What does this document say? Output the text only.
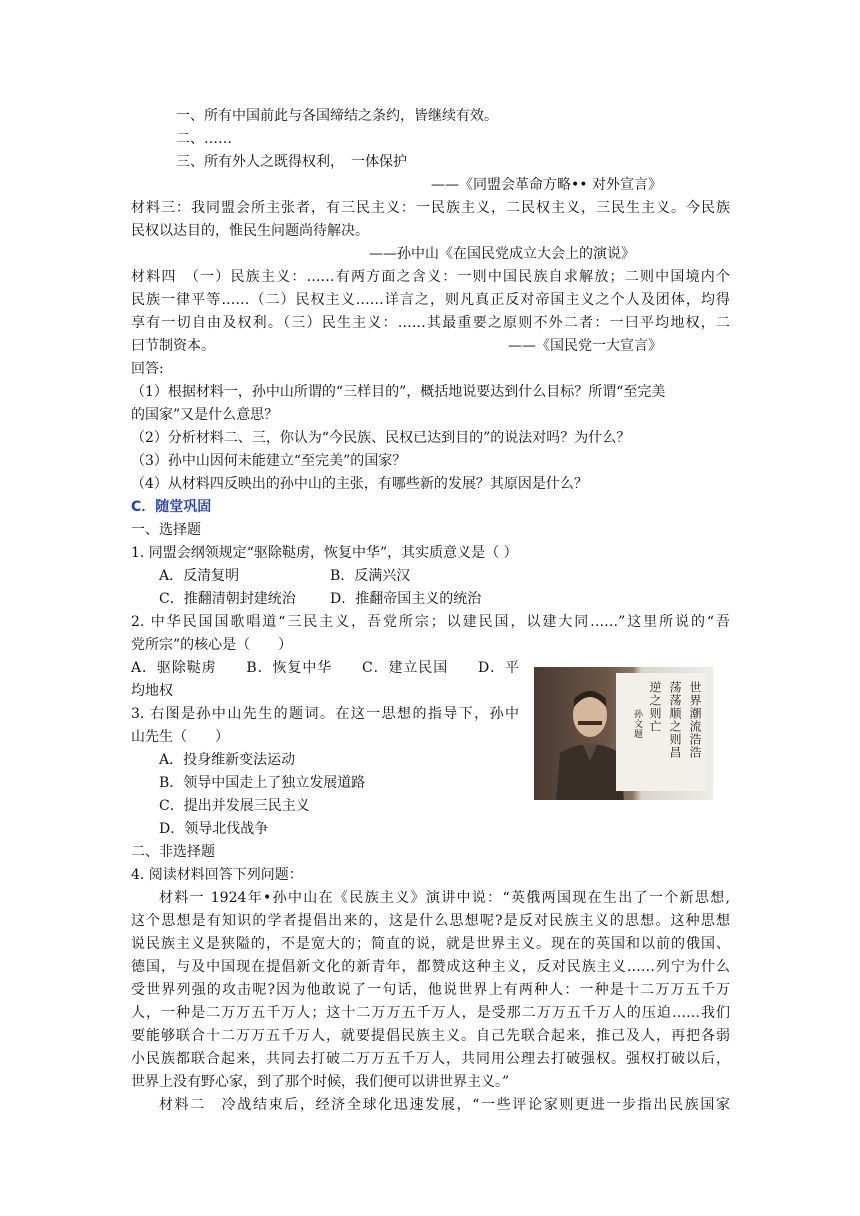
一、所有中国前此与各国缔结之条约，皆继续有效。
二、……
三、所有外人之既得权利，　一体保护
——《同盟会革命方略•• 对外宣言》
材料三：我同盟会所主张者，有三民主义：一民族主义，二民权主义，三民生主义。今民族
民权以达目的，惟民生问题尚待解决。
——孙中山《在国民党成立大会上的演说》
材料四　（一）民族主义：……有两方面之含义：一则中国民族自求解放；二则中国境内个
民族一律平等……（二）民权主义……详言之，则凡真正反对帝国主义之个人及团体，均得
享有一切自由及权利。（三）民生主义：……其最重要之原则不外二者：一曰平均地权，二
曰节制资本。	——《国民党一大宣言》
回答:
（1）根据材料一，孙中山所谓的“三样目的”，概括地说要达到什么目标？所谓“至完美
的国家”又是什么意思？
（2）分析材料二、三，你认为“今民族、民权已达到目的”的说法对吗？为什么？
（3）孙中山因何未能建立“至完美”的国家？
（4）从材料四反映出的孙中山的主张，有哪些新的发展？其原因是什么？
C．随堂巩固
一、选择题
1. 同盟会纲领规定“驱除鞑虏，恢复中华”，其实质意义是（ ）
A．反清复明	B．反满兴汉
C．推翻清朝封建统治 D．推翻帝国主义的统治
2. 中华民国国歌唱道“三民主义，吾党所宗；以建民国，以建大同……”这里所说的“吾
党所宗”的核心是（　　）
A．驱除鞑虏　　B．恢复中华　　C．建立民国　　D．平
均地权
3. 右图是孙中山先生的题词。在这一思想的指导下，孙中
山先生（　　）
A．投身维新变法运动
B．领导中国走上了独立发展道路
C．提出并发展三民主义
D．领导北伐战争
世界潮流浩浩
荡荡顺之则昌
逆之则亡
孙文题
cnsphoto
二、非选择题
4. 阅读材料回答下列问题：
材料一 1924年•孙中山在《民族主义》演讲中说：“英俄两国现在生出了一个新思想,
这个思想是有知识的学者提倡出来的，这是什么思想呢?是反对民族主义的思想。这种思想
说民族主义是狭隘的，不是宽大的；简直的说，就是世界主义。现在的英国和以前的俄国、
德国，与及中国现在提倡新文化的新青年，都赞成这种主义，反对民族主义……列宁为什么
受世界列强的攻击呢?因为他敢说了一句话，他说世界上有两种人：一种是十二万万五千万
人，一种是二万万五千万人；这十二万万五千万人，是受那二万万五千万人的压迫……我们
要能够联合十二万万五千万人，就要提倡民族主义。自己先联合起来，推己及人，再把各弱
小民族都联合起来，共同去打破二万万五千万人，共同用公理去打破强权。强权打破以后，
世界上没有野心家，到了那个时候，我们便可以讲世界主义。”
材料二　冷战结束后，经济全球化迅速发展，“一些评论家则更进一步指出民族国家
